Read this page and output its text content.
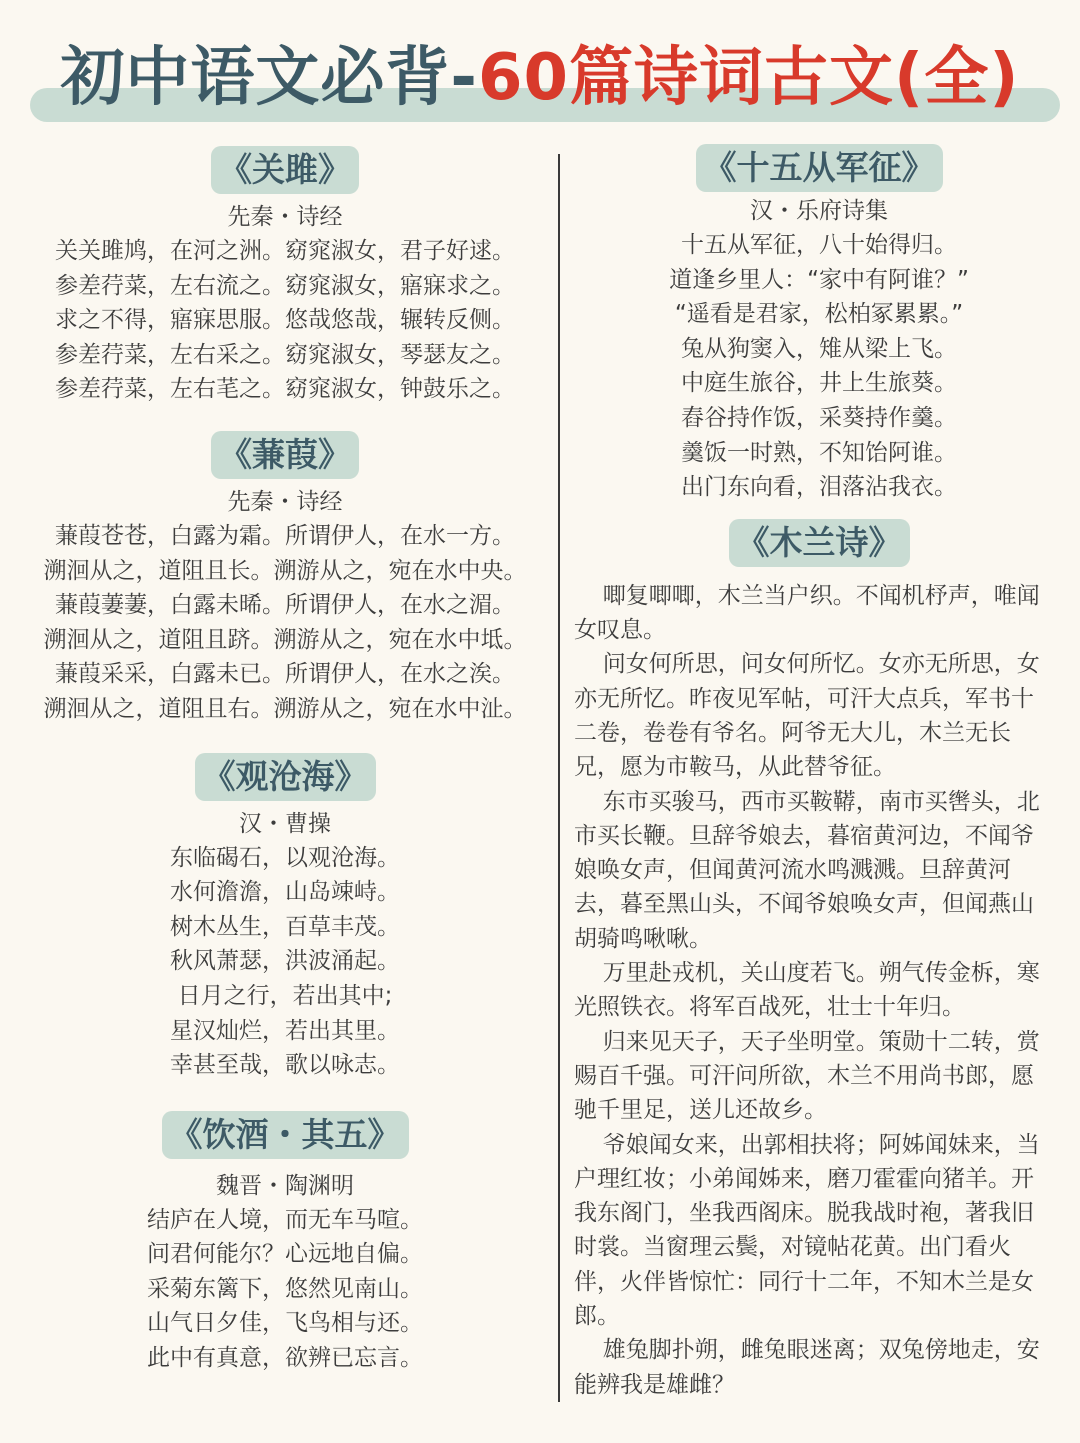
初中语文必背-60篇诗词古文(全)
《关雎》
先秦・诗经
关关雎鸠，在河之洲。窈窕淑女，君子好逑。
参差荇菜，左右流之。窈窕淑女，寤寐求之。
求之不得，寤寐思服。悠哉悠哉，辗转反侧。
参差荇菜，左右采之。窈窕淑女，琴瑟友之。
参差荇菜，左右芼之。窈窕淑女，钟鼓乐之。
《蒹葭》
先秦・诗经
蒹葭苍苍，白露为霜。所谓伊人，在水一方。
溯洄从之，道阻且长。溯游从之，宛在水中央。
蒹葭萋萋，白露未晞。所谓伊人，在水之湄。
溯洄从之，道阻且跻。溯游从之，宛在水中坻。
蒹葭采采，白露未已。所谓伊人，在水之涘。
溯洄从之，道阻且右。溯游从之，宛在水中沚。
《观沧海》
汉・曹操
东临碣石，以观沧海。
水何澹澹，山岛竦峙。
树木丛生，百草丰茂。
秋风萧瑟，洪波涌起。
日月之行，若出其中;
星汉灿烂，若出其里。
幸甚至哉，歌以咏志。
《饮酒・其五》
魏晋・陶渊明
结庐在人境，而无车马喧。
问君何能尔？心远地自偏。
采菊东篱下，悠然见南山。
山气日夕佳，飞鸟相与还。
此中有真意，欲辨已忘言。
《十五从军征》
汉・乐府诗集
十五从军征，八十始得归。
道逢乡里人：“家中有阿谁？”
“遥看是君家，松柏冢累累。”
兔从狗窦入，雉从梁上飞。
中庭生旅谷，井上生旅葵。
舂谷持作饭，采葵持作羹。
羹饭一时熟，不知饴阿谁。
出门东向看，泪落沾我衣。
《木兰诗》
唧复唧唧，木兰当户织。不闻机杼声，唯闻女叹息。
问女何所思，问女何所忆。女亦无所思，女亦无所忆。昨夜见军帖，可汗大点兵，军书十二卷，卷卷有爷名。阿爷无大儿，木兰无长兄，愿为市鞍马，从此替爷征。
东市买骏马，西市买鞍鞯，南市买辔头，北市买长鞭。旦辞爷娘去，暮宿黄河边，不闻爷娘唤女声，但闻黄河流水鸣溅溅。旦辞黄河去，暮至黑山头，不闻爷娘唤女声，但闻燕山胡骑鸣啾啾。
万里赴戎机，关山度若飞。朔气传金柝，寒光照铁衣。将军百战死，壮士十年归。
归来见天子，天子坐明堂。策勋十二转，赏赐百千强。可汗问所欲，木兰不用尚书郎，愿驰千里足，送儿还故乡。
爷娘闻女来，出郭相扶将；阿姊闻妹来，当户理红妆；小弟闻姊来，磨刀霍霍向猪羊。开我东阁门，坐我西阁床。脱我战时袍，著我旧时裳。当窗理云鬓，对镜帖花黄。出门看火伴，火伴皆惊忙：同行十二年，不知木兰是女郎。
雄兔脚扑朔，雌兔眼迷离；双兔傍地走，安能辨我是雄雌？
